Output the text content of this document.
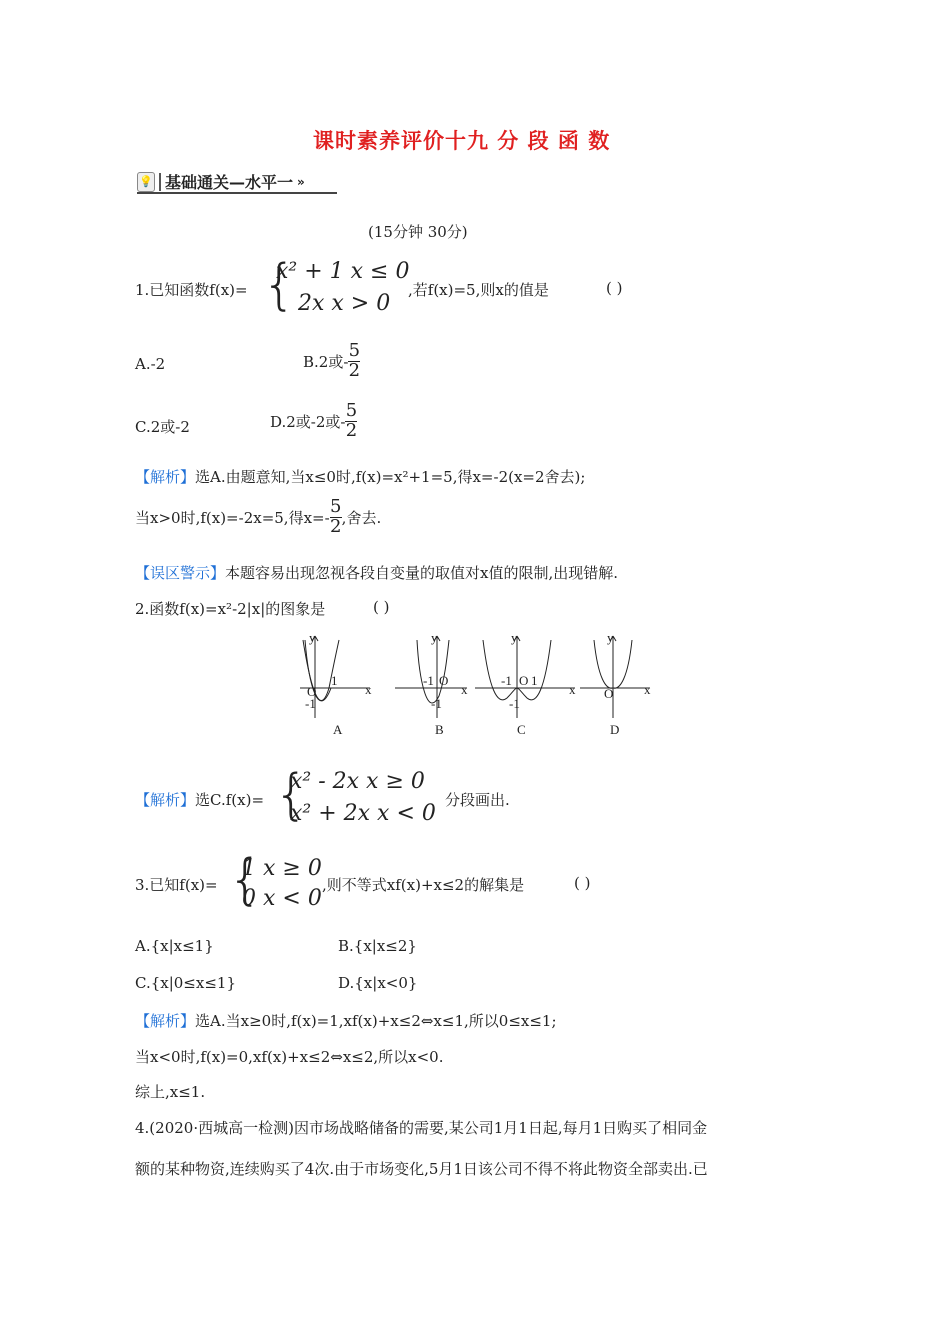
课时素养评价十九 分 段 函 数
💡 基础通关—水平一 »
(15分钟 30分)
1.已知函数f(x)= {
x² + 1 x ≤ 0
2x x > 0
,若f(x)=5,则x的值是	( )
A.-2	B.2或- $\frac{5}{2}$
C.2或-2	D.2或-2或- $\frac{5}{2}$
【解析】选A.由题意知,当x≤0时,f(x)=x²+1=5,得x=-2(x=2舍去);
当x>0时,f(x)=-2x=5,得$x=- \frac{5}{2}$ ,舍去.
【误区警示】本题容易出现忽视各段自变量的取值对x值的限制,出现错解.
2.函数f(x)=x²-2|x|的图象是	( )
y
O
1
-1
x
A
y
-1 O
-1
x
B
y
-1 O 1
-1
x
C
y
O x
D
【解析】选C.f(x)= {
x² - 2x x ≥ 0
x² + 2x x < 0
分段画出.
3.已知f(x)= {
1 x ≥ 0
0 x < 0
,则不等式xf(x)+x≤2的解集是	( )
A.{x|x≤1}	B.{x|x≤2}
C.{x|0≤x≤1}	D.{x|x<0}
【解析】选A.当x≥0时,f(x)=1,xf(x)+x≤2⇔x≤1,所以0≤x≤1;
当x<0时,f(x)=0,xf(x)+x≤2⇔x≤2,所以x<0.
综上,x≤1.
4.(2020·西城高一检测)因市场战略储备的需要,某公司1月1日起,每月1日购买了相同金
额的某种物资,连续购买了4次.由于市场变化,5月1日该公司不得不将此物资全部卖出.已
